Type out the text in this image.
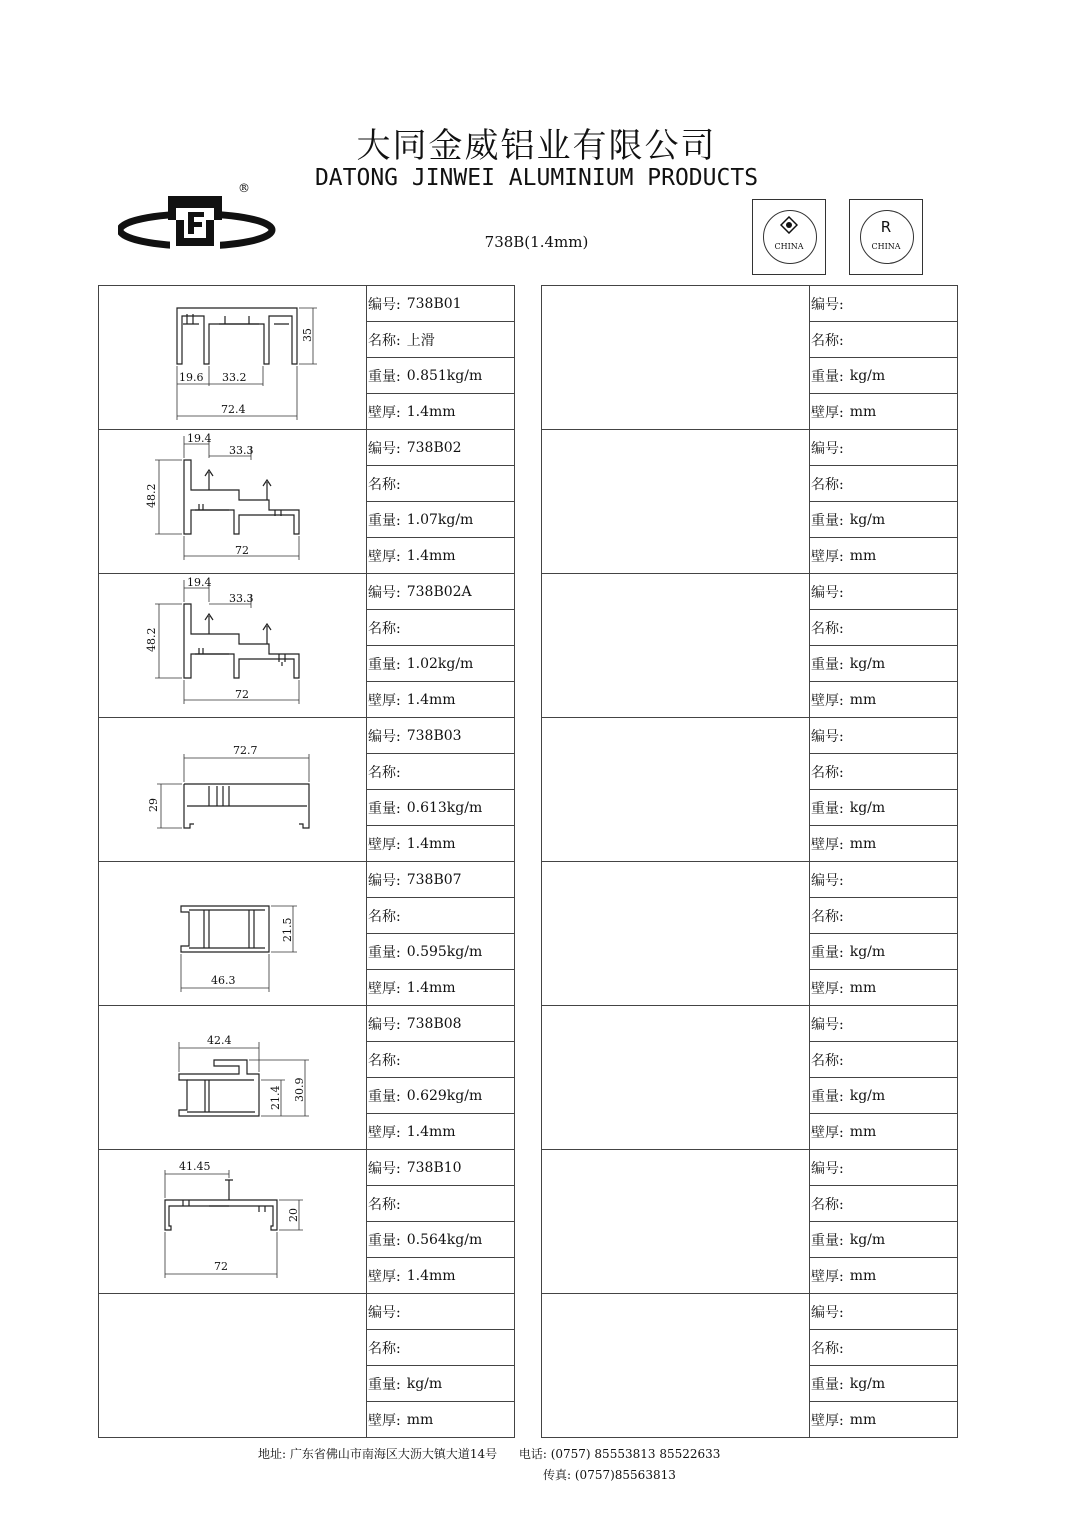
大同金威铝业有限公司
DATONG JINWEI ALUMINIUM PRODUCTS
738B(1.4mm)
®
CHINA
R
CHINA
35
19.6 33.2
72.4
编号: 738B01
名称: 上滑
重量: 0.851kg/m
壁厚: 1.4mm
19.4
33.3
48.2
72
编号: 738B02
名称:
重量: 1.07kg/m
壁厚: 1.4mm
19.4
33.3
48.2
72
编号: 738B02A
名称:
重量: 1.02kg/m
壁厚: 1.4mm
72.7
29
编号: 738B03
名称:
重量: 0.613kg/m
壁厚: 1.4mm
21.5
46.3
编号: 738B07
名称:
重量: 0.595kg/m
壁厚: 1.4mm
42.4
21.4 30.9
编号: 738B08
名称:
重量: 0.629kg/m
壁厚: 1.4mm
41.45
20
72
编号: 738B10
名称:
重量: 0.564kg/m
壁厚: 1.4mm
编号:
名称:
重量: kg/m
壁厚: mm
编号:
名称:
重量: kg/m
壁厚: mm
编号:
名称:
重量: kg/m
壁厚: mm
编号:
名称:
重量: kg/m
壁厚: mm
编号:
名称:
重量: kg/m
壁厚: mm
编号:
名称:
重量: kg/m
壁厚: mm
编号:
名称:
重量: kg/m
壁厚: mm
编号:
名称:
重量: kg/m
壁厚: mm
编号:
名称:
重量: kg/m
壁厚: mm
地址: 广东省佛山市南海区大沥大镇大道14号 电话: (0757) 85553813 85522633
传真: (0757)85563813
